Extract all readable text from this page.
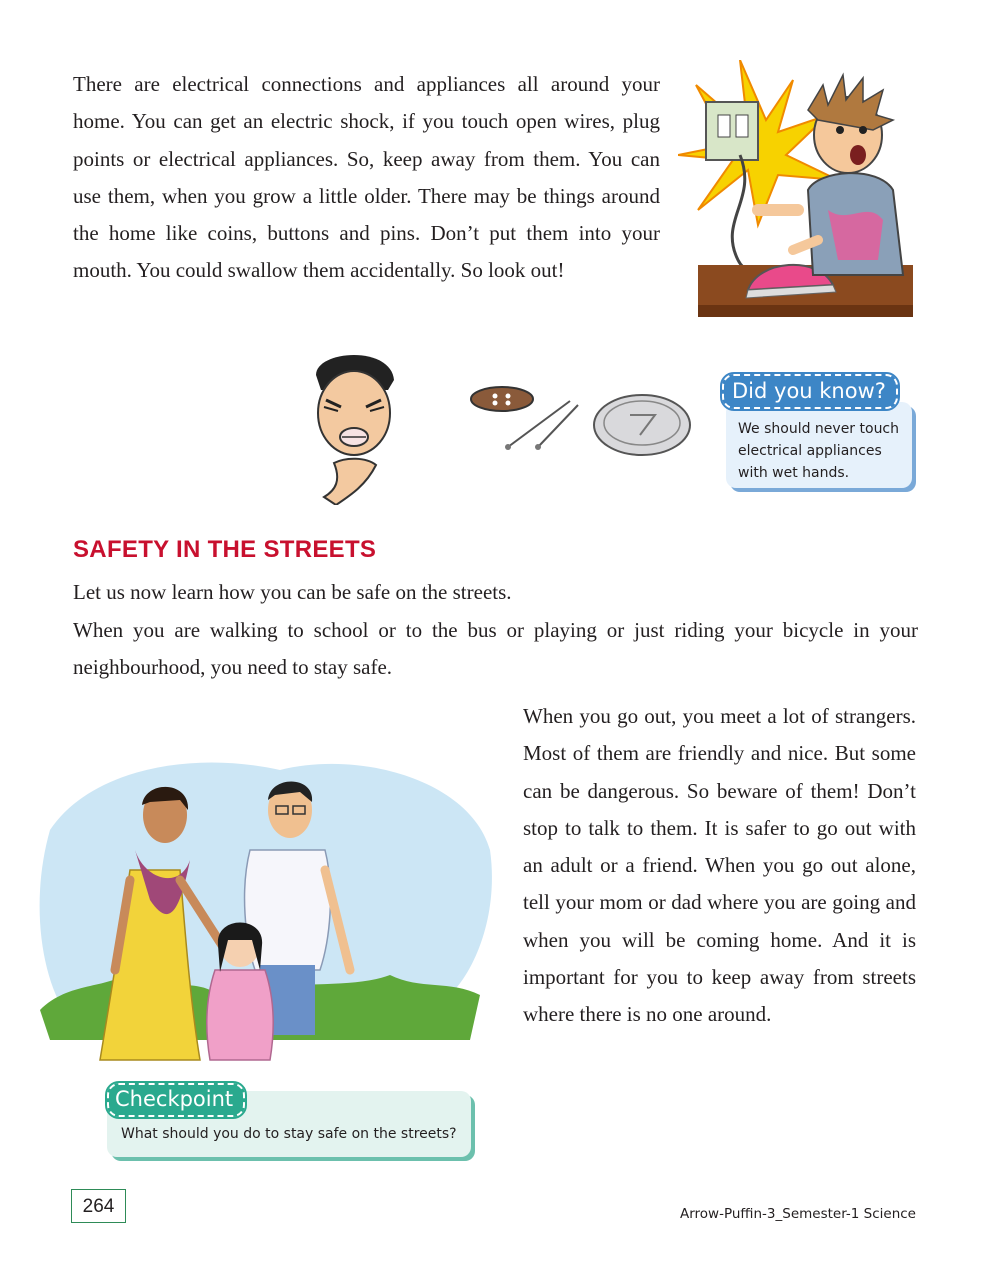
There are electrical connections and appliances all around your home. You can get an electric shock, if you touch open wires, plug points or electrical appliances. So, keep away from them. You can use them, when you grow a little older. There may be things around the home like coins, buttons and pins. Don’t put them into your mouth. You could swallow them accidentally. So look out!

Did you know?

We should never touch electrical appliances with wet hands.

SAFETY IN THE STREETS

Let us now learn how you can be safe on the streets.

When you are walking to school or to the bus or playing or just riding your bicycle in your neighbourhood, you need to stay safe.

When you go out, you meet a lot of strangers. Most of them are friendly and nice. But some can be dangerous. So beware of them! Don’t stop to talk to them. It is safer to go out with an adult or a friend. When you go out alone, tell your mom or dad where you are going and when you will be coming home. And it is important for you to keep away from streets where there is no one around.

Checkpoint

What should you do to stay safe on the streets?

264	Arrow-Puffin-3_Semester-1 Science
